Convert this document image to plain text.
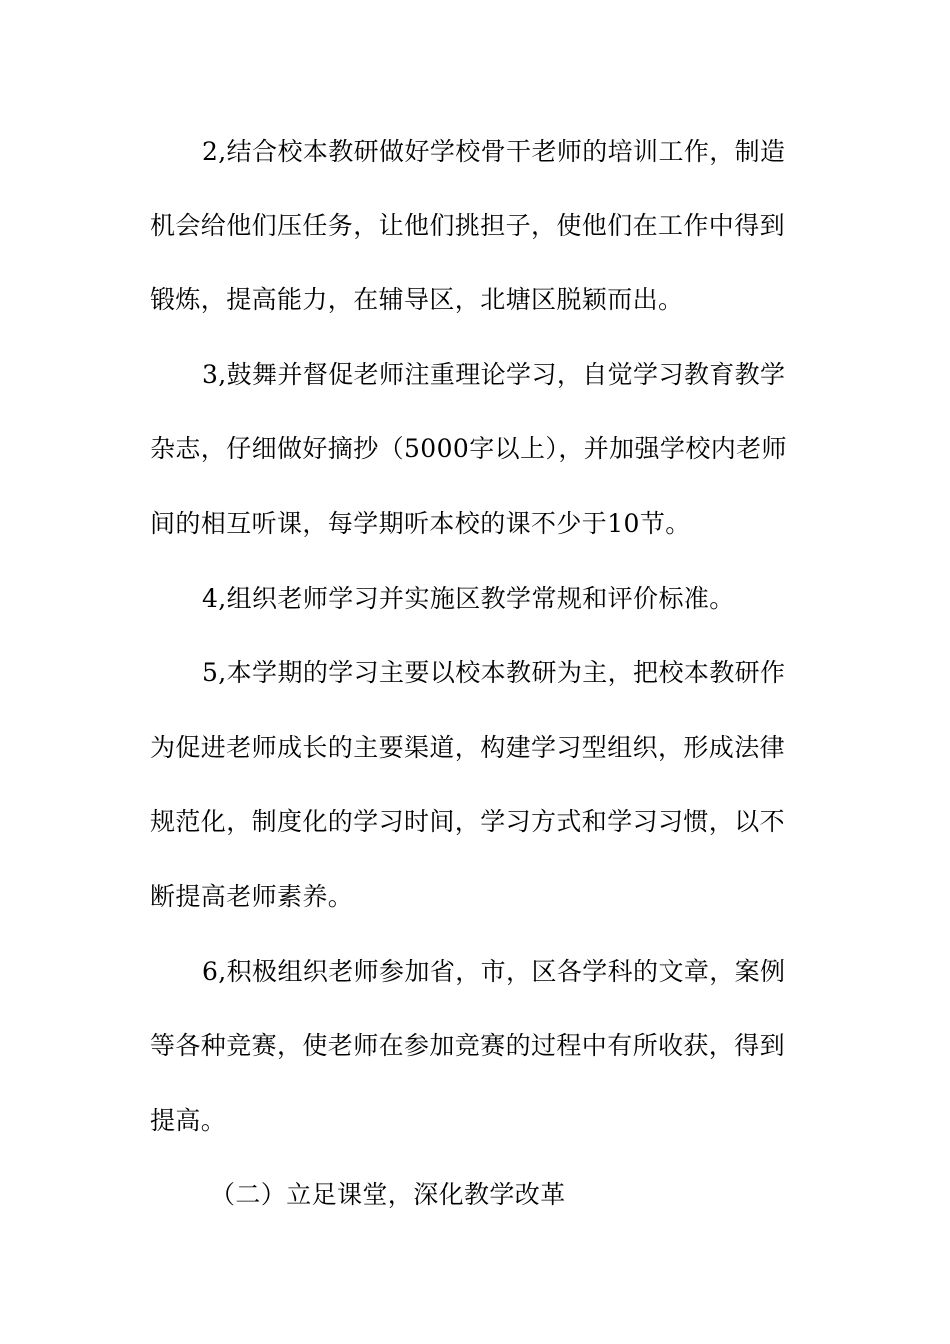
2,结合校本教研做好学校骨干老师的培训工作，制造
机会给他们压任务，让他们挑担子，使他们在工作中得到
锻炼，提高能力，在辅导区，北塘区脱颖而出。
3,鼓舞并督促老师注重理论学习，自觉学习教育教学
杂志，仔细做好摘抄（5000字以上），并加强学校内老师
间的相互听课，每学期听本校的课不少于10节。
4,组织老师学习并实施区教学常规和评价标准。
5,本学期的学习主要以校本教研为主，把校本教研作
为促进老师成长的主要渠道，构建学习型组织，形成法律
规范化，制度化的学习时间，学习方式和学习习惯，以不
断提高老师素养。
6,积极组织老师参加省，市，区各学科的文章，案例
等各种竞赛，使老师在参加竞赛的过程中有所收获，得到
提高。
（二）立足课堂，深化教学改革
